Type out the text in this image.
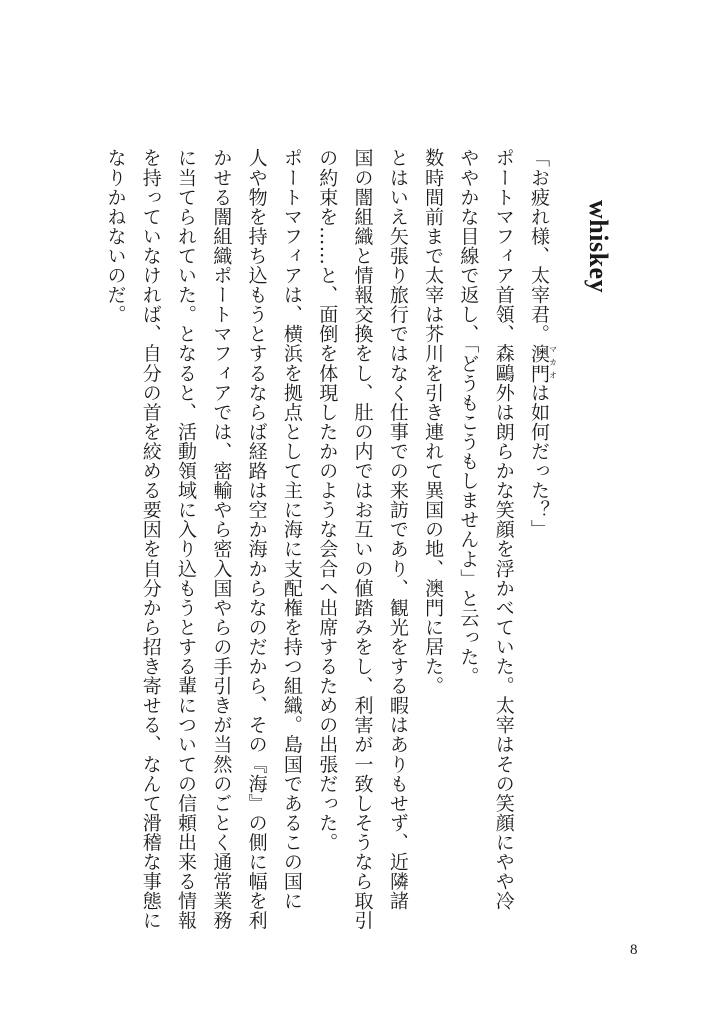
whiskey

「お疲れ様、太宰君。澳門マカオは如何だった？」

ポートマフィア首領、森鷗外は朗らかな笑顔を浮かべていた。太宰はその笑顔にやや冷

ややかな目線で返し、「どうもこうもしませんよ」と云った。

数時間前まで太宰は芥川を引き連れて異国の地、澳門に居た。

とはいえ矢張り旅行ではなく仕事での来訪であり、観光をする暇はありもせず、近隣諸

国の闇組織と情報交換をし、肚の内ではお互いの値踏みをし、利害が一致しそうなら取引

の約束を……と、面倒を体現したかのような会合へ出席するための出張だった。

ポートマフィアは、横浜を拠点として主に海に支配権を持つ組織。島国であるこの国に

人や物を持ち込もうとするならば経路は空か海からなのだから、その『海』の側に幅を利

かせる闇組織ポートマフィアでは、密輸やら密入国やらの手引きが当然のごとく通常業務

に当てられていた。となると、活動領域に入り込もうとする輩についての信頼出来る情報

を持っていなければ、自分の首を絞める要因を自分から招き寄せる、なんて滑稽な事態に

なりかねないのだ。

8
